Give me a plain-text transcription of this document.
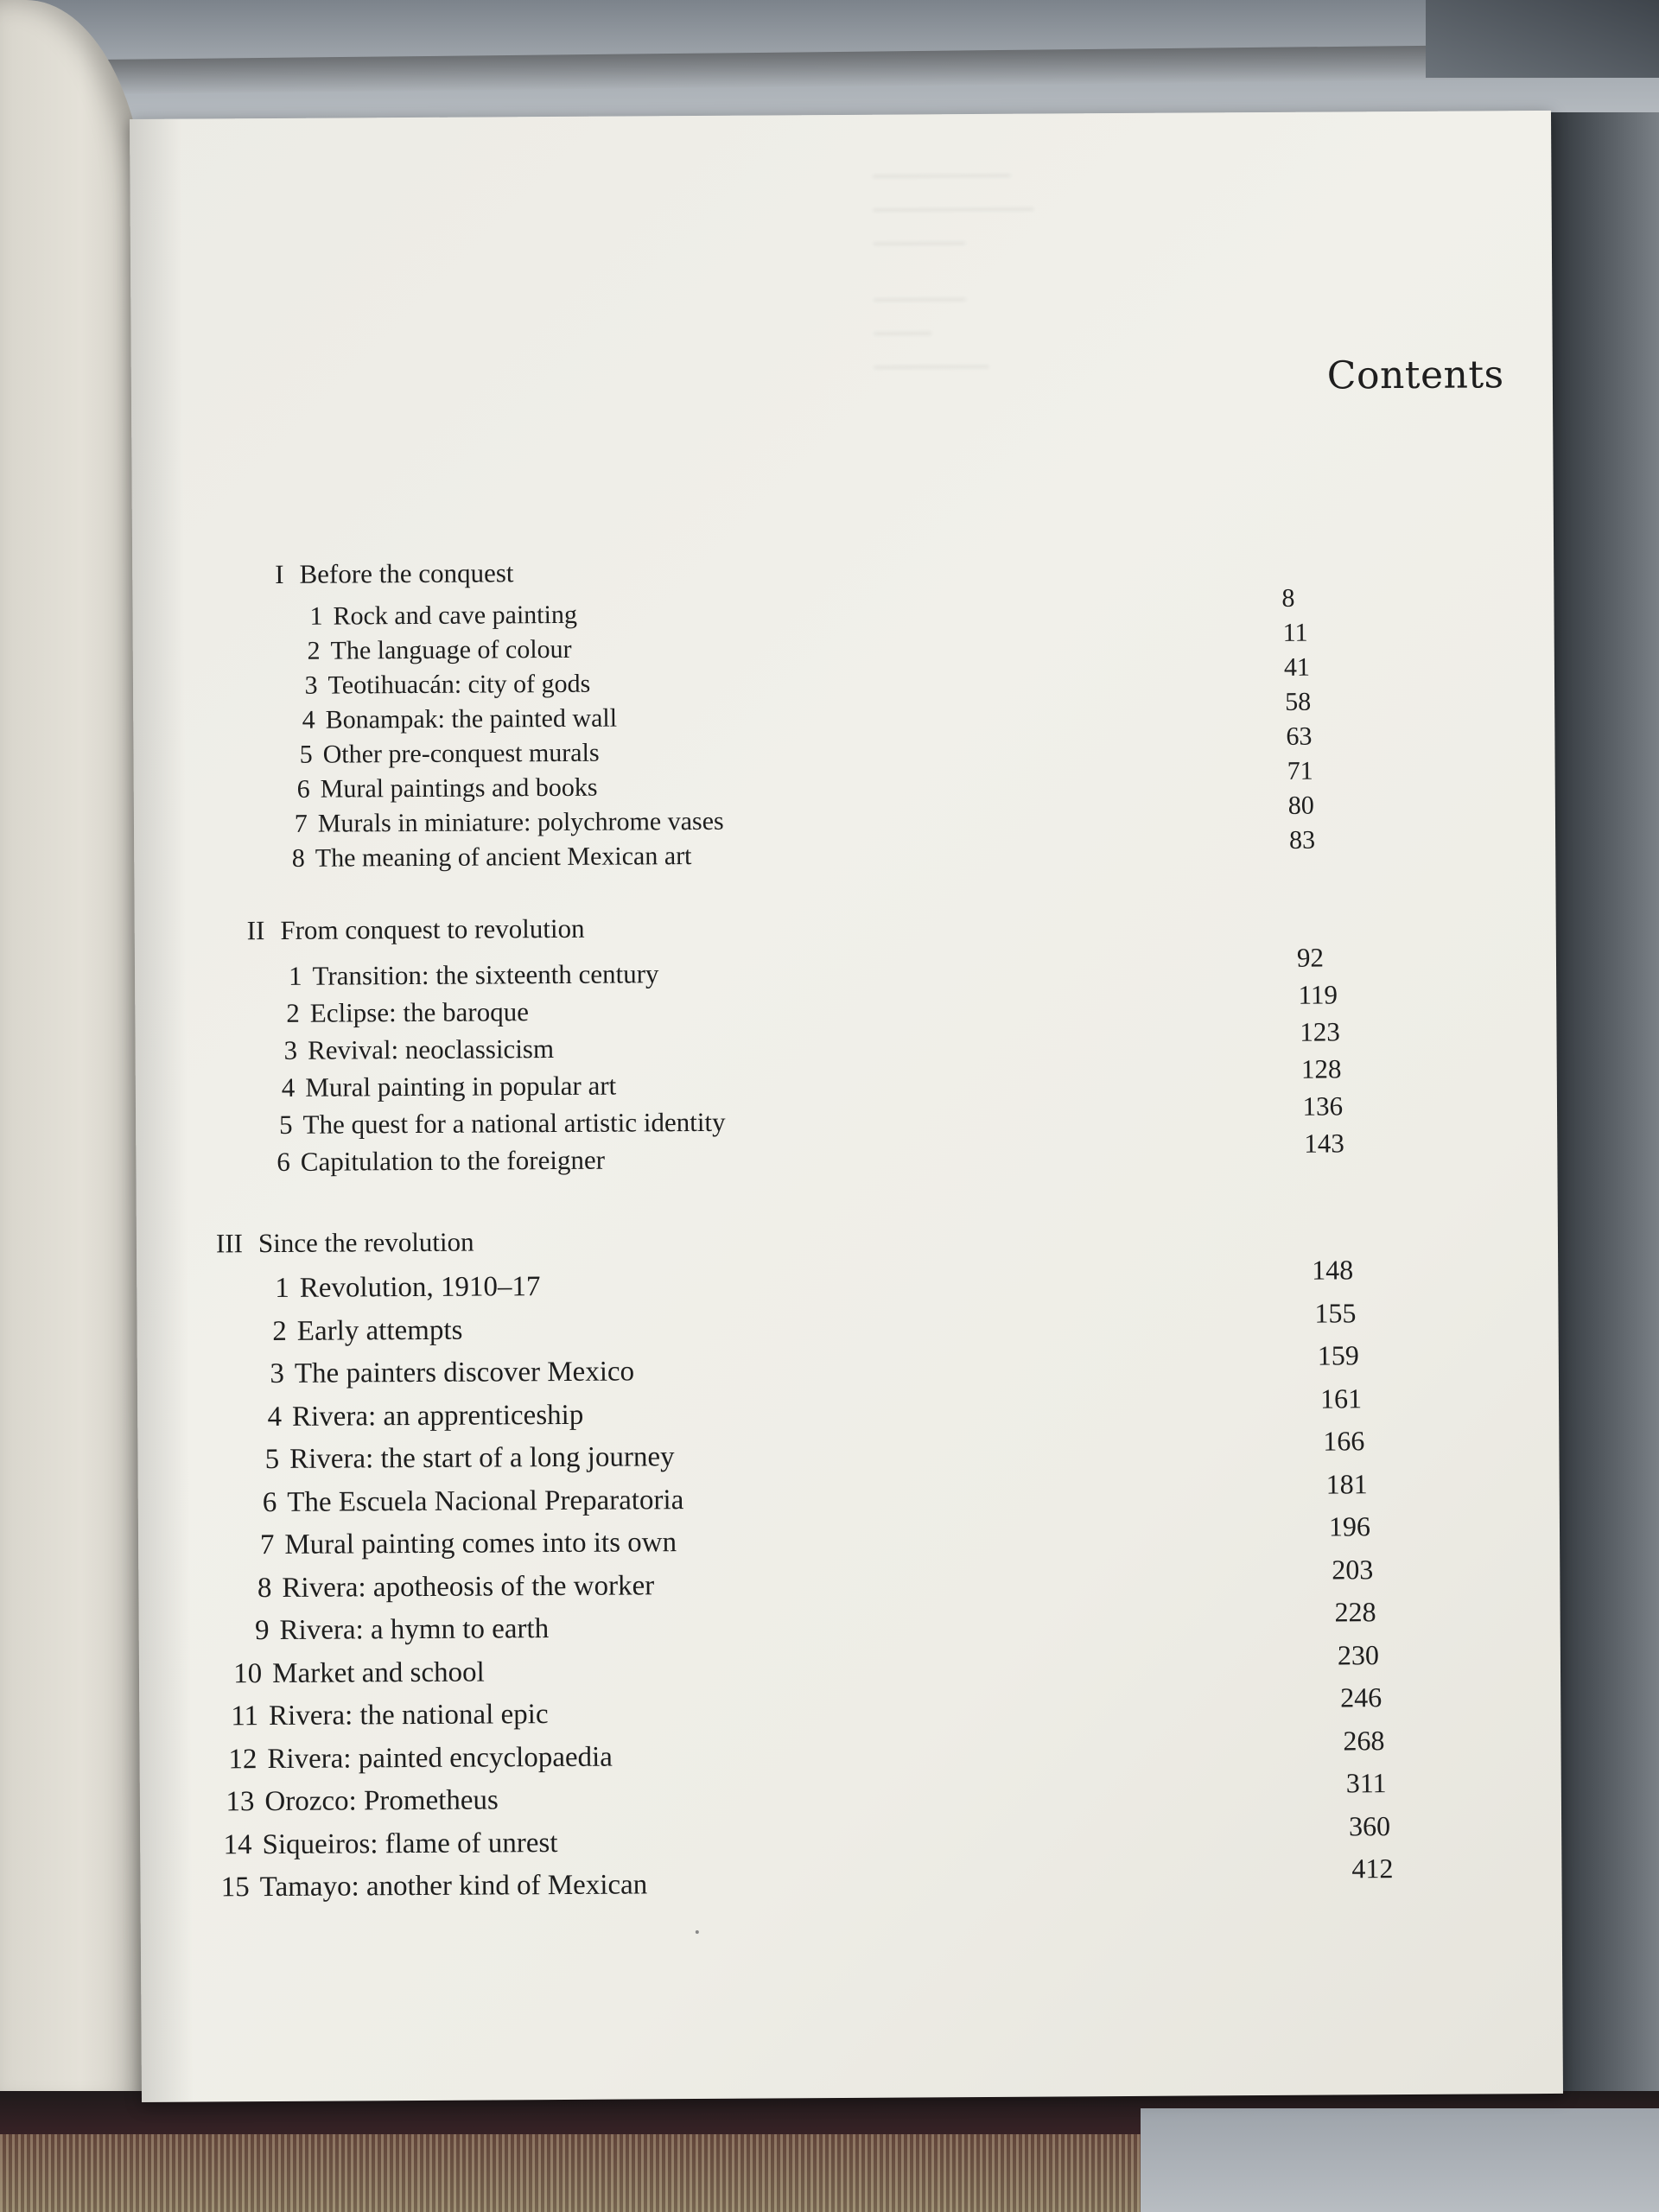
────────────
──────────────
────────
────────
─────
──────────	Contents
I Before the conquest
1 Rock and cave painting
8
2 The language of colour
11
3 Teotihuacán: city of gods
41
4 Bonampak: the painted wall
58
5 Other pre-conquest murals
63
6 Mural paintings and books
71
7 Murals in miniature: polychrome vases
80
8 The meaning of ancient Mexican art
83
II From conquest to revolution
1 Transition: the sixteenth century
92
2 Eclipse: the baroque
119
3 Revival: neoclassicism
123
4 Mural painting in popular art
128
5 The quest for a national artistic identity
136
6 Capitulation to the foreigner
143
III Since the revolution
1 Revolution, 1910–17
148
2 Early attempts
155
3 The painters discover Mexico
159
4 Rivera: an apprenticeship
161
5 Rivera: the start of a long journey
166
6 The Escuela Nacional Preparatoria
181
7 Mural painting comes into its own
196
8 Rivera: apotheosis of the worker
203
9 Rivera: a hymn to earth
228
10 Market and school
230
11 Rivera: the national epic
246
12 Rivera: painted encyclopaedia
268
13 Orozco: Prometheus
311
14 Siqueiros: flame of unrest
360
15 Tamayo: another kind of Mexican
412
